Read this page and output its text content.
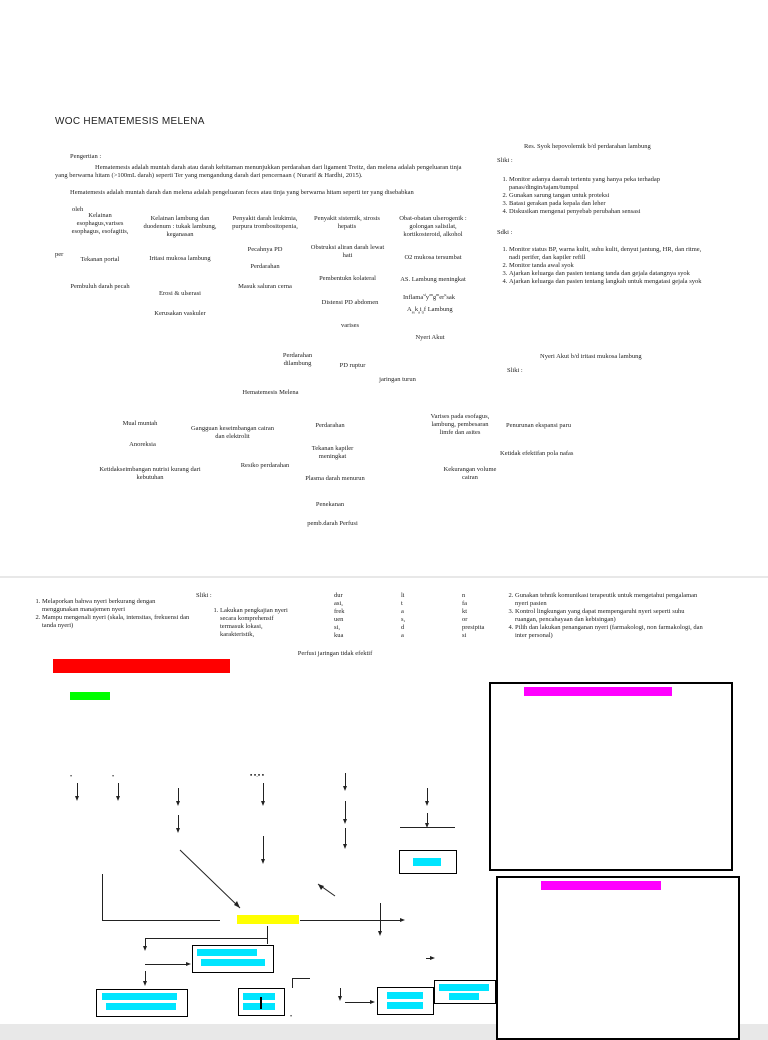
WOC HEMATEMESIS MELENA
Pengertian :
Hematemesis adalah muntah darah atau darah kehitaman menunjukkan perdarahan dari ligament Treitz, dan melena adalah pengeluaran tinja yang berwarna hitam (>100mL darah) seperti Ter yang mengandung darah dari pencernaan ( Nurarif & Hardhi, 2015).
Hematemesis adalah muntah darah dan melena adalah pengeluaran feces atau tinja yang berwarna hitam seperti ter yang disebabkan
oleh
per
Kelainan esophagus,varises esophagus, esofagitis,
Tekanan portal
Pembuluh darah pecah
Kelainan lambung dan duodenum : tukak lambung, keganasan
Iritasi mukosa lambung
Erosi & ulserasi
Kerusakan vaskuler
Penyakit darah leukimia, purpura trombositopenia,
Pecahnya PD
Perdarahan
Masuk saluran cerna
Penyakit sistemik, sirosis hepatis
Obstruksi aliran darah lewat hati
Pembentukn kolateral
Distensi PD abdomen
varises
Obat-obatan ulserogenik : golongan salisilat, kortikosteroid, alkohol
O2 mukosa tersumbat
AS. Lambung meningkat
$Inflama^{si}y^{an}g^mer^usak$
$A_{ss}k_ai_{ti}f$ Lambung
Nyeri Akut
Perdarahan dilambung	PD ruptur
jaringan turun
Hematemesis Melena
Mual muntah
Anoreksia
Ketidakseimbangan nutrisi kurang dari kebutuhan
Gangguan keseimbangan cairan dan elektrolit
Resiko perdarahan
Perdarahan
Tekanan kapiler meningkat
Plasma darah menurun
Penekanan
pemb.darah Perfusi
Varises pada esofagus, lambung, pembesaran limfe dan asites
Kekurangan volume cairan
Penurunan ekspansi paru
Ketidak efektifan pola nafas
Res. Syok hepovolemik b/d perdarahan lambung
Sliki :
1. Monitor adanya daerah tertentu yang hanya peka terhadap panas/dingin/tajam/tumpul
2. Gunakan sarung tangan untuk proteksi
3. Batasi gerakan pada kepala dan leher
4. Diskusikan mengenai penyebab perubahan sensasi
Sdki :
1. Monitor status BP, warna kulit, suhu kulit, denyut jantung, HR, dan ritme, nadi perifer, dan kapiler refill
2. Monitor tanda awal syok
3. Ajarkan keluarga dan pasien tentang tanda dan gejala datangnya syok
4. Ajarkan keluarga dan pasien tentang langkah untuk mengatasi gejala syok
Nyeri Akut b/d iritasi mukosa lambung
Sliki :
1. Melaporkan bahwa nyeri berkurang dengan menggunakan manajemen nyeri
2. Mampu mengenali nyeri (skala, intensitas, frekuensi dan tanda nyeri)
Sliki :
1. Lakukan pengkajian nyeri secara komprehensif termasuk lokasi, karakteristik,
dur
asi,
frek
uen
si,
kua
li
t
a
s,
d
a
n
fa
kt
or
presipita
si
Perfusi jaringan tidak efektif
2. Gunakan tehnik komunikasi terapeutik untuk mengetahui pengalaman nyeri pasien
3. Kontrol lingkungan yang dapat mempengaruhi nyeri seperti suhu ruangan, pencahayaan dan kebisingan)
4. Pilih dan lakukan penanganan nyeri (farmakologi, non farmakologi, dan inter personal)
•	•	▪ ▪.▪ ▪
•
